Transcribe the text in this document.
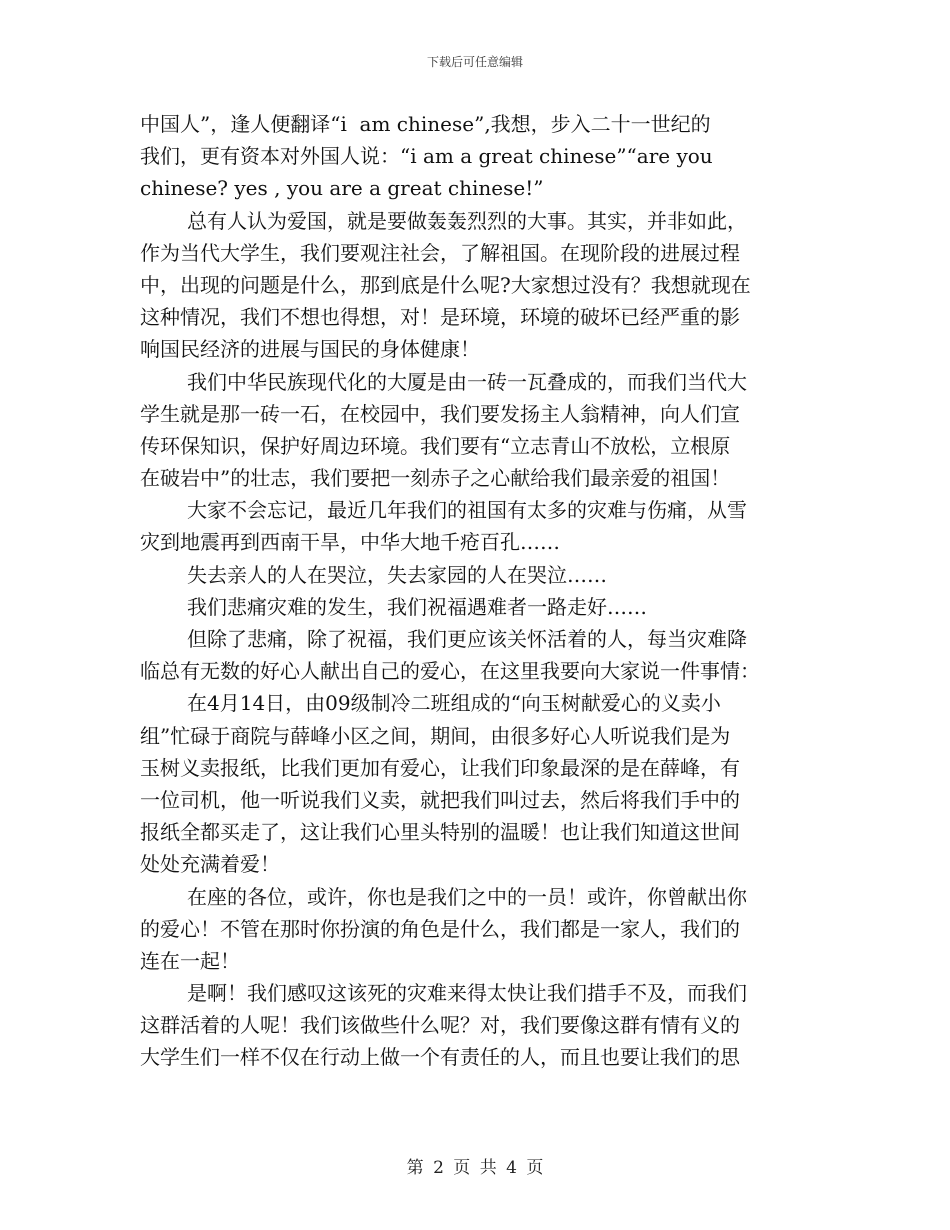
下载后可任意编辑
中国人”，逢人便翻译“i  am chinese”,我想，步入二十一世纪的
我们，更有资本对外国人说：“i am a great chinese”“are you
chinese? yes , you are a great chinese!”
总有人认为爱国，就是要做轰轰烈烈的大事。其实，并非如此，
作为当代大学生，我们要观注社会，了解祖国。在现阶段的进展过程
中，出现的问题是什么，那到底是什么呢?大家想过没有？我想就现在
这种情况，我们不想也得想，对！是环境，环境的破坏已经严重的影
响国民经济的进展与国民的身体健康！
我们中华民族现代化的大厦是由一砖一瓦叠成的，而我们当代大
学生就是那一砖一石，在校园中，我们要发扬主人翁精神，向人们宣
传环保知识，保护好周边环境。我们要有“立志青山不放松，立根原
在破岩中”的壮志，我们要把一刻赤子之心献给我们最亲爱的祖国！
大家不会忘记，最近几年我们的祖国有太多的灾难与伤痛，从雪
灾到地震再到西南干旱，中华大地千疮百孔……
失去亲人的人在哭泣，失去家园的人在哭泣……
我们悲痛灾难的发生，我们祝福遇难者一路走好……
但除了悲痛，除了祝福，我们更应该关怀活着的人，每当灾难降
临总有无数的好心人献出自己的爱心，在这里我要向大家说一件事情：
在4月14日，由09级制冷二班组成的“向玉树献爱心的义卖小
组”忙碌于商院与薛峰小区之间，期间，由很多好心人听说我们是为
玉树义卖报纸，比我们更加有爱心，让我们印象最深的是在薛峰，有
一位司机，他一听说我们义卖，就把我们叫过去，然后将我们手中的
报纸全都买走了，这让我们心里头特别的温暖！也让我们知道这世间
处处充满着爱！
在座的各位，或许，你也是我们之中的一员！或许，你曾献出你
的爱心！不管在那时你扮演的角色是什么，我们都是一家人，我们的
连在一起！
是啊！我们感叹这该死的灾难来得太快让我们措手不及，而我们
这群活着的人呢！我们该做些什么呢？对，我们要像这群有情有义的
大学生们一样不仅在行动上做一个有责任的人，而且也要让我们的思
第 2 页 共 4 页
